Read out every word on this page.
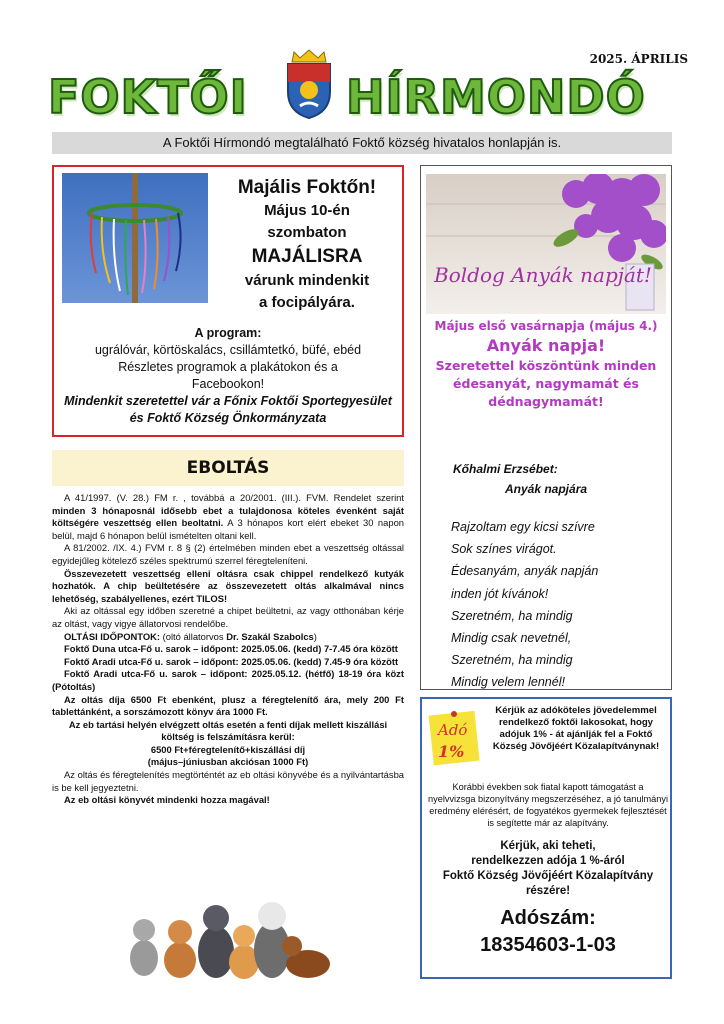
2025. ÁPRILIS
FOKTŐI HÍRMONDÓ
A Foktői Hírmondó megtalálható Foktő község hivatalos honlapján is.
Majális Foktőn!
Május 10-én
szombaton
MAJÁLISRA
várunk mindenkit
a focipályára.
A program:
ugrálóvár, körtöskalács, csillámtetkó, büfé, ebéd
Részletes programok a plakátokon és a
Facebookon!
Mindenkit szeretettel vár a Főnix Foktői Sportegyesület
és Foktő Község Önkormányzata
Boldog Anyák napját!
Május első vasárnapja (május 4.)
Anyák napja!
Szeretettel köszöntünk minden
édesanyát, nagymamát és
dédnagymamát!
Kőhalmi Erzsébet:
Anyák napjára
Rajzoltam egy kicsi szívre
Sok színes virágot.
Édesanyám, anyák napján
inden jót kívánok!
Szeretném, ha mindig
Mindig csak nevetnél,
Szeretném, ha mindig
Mindig velem lennél!
EBOLTÁS

A 41/1997. (V. 28.) FM r. , továbbá a 20/2001. (III.). FVM. Rendelet szerint minden 3 hónaposnál idősebb ebet a tulajdonosa köteles évenként saját költségére veszettség ellen beoltatni. A 3 hónapos kort elért ebeket 30 napon belül, majd 6 hónapon belül ismételten oltani kell.

A 81/2002. /IX. 4.) FVM r. 8 § (2) értelmében minden ebet a veszettség oltással egyidejűleg kötelező széles spektrumú szerrel féregteleníteni.

Összevezetett veszettség elleni oltásra csak chippel rendelkező kutyák hozhatók. A chip beültetésére az összevezetett oltás alkalmával nincs lehetőség, szabályellenes, ezért TILOS!

Aki az oltással egy időben szeretné a chipet beültetni, az vagy otthonában kérje az oltást, vagy vigye állatorvosi rendelőbe.

OLTÁSI IDŐPONTOK: (oltó állatorvos Dr. Szakál Szabolcs)

Foktő Duna utca-Fő u. sarok – időpont: 2025.05.06. (kedd) 7-7.45 óra között

Foktő Aradi utca-Fő u. sarok – időpont: 2025.05.06. (kedd) 7.45-9 óra között

Foktő Aradi utca-Fő u. sarok – időpont: 2025.05.12. (hétfő) 18-19 óra közt (Pótoltás)

Az oltás díja 6500 Ft ebenként, plusz a féregtelenítő ára, mely 200 Ft tablettánként, a sorszámozott könyv ára 1000 Ft.

Az eb tartási helyén elvégzett oltás esetén a fenti díjak mellett kiszállási költség is felszámításra kerül:

6500 Ft+féregtelenítő+kiszállási díj

(május–júniusban akciósan 1000 Ft)

Az oltás és féregtelenítés megtörténtét az eb oltási könyvébe és a nyilvántartásba is be kell jegyeztetni.

Az eb oltási könyvét mindenki hozza magával!

Adó
1%
Kérjük az adóköteles jövedelemmel rendelkező foktői lakosokat, hogy adójuk 1% - át ajánlják fel a Foktő Község Jövőjéért Közalapítványnak!
Korábbi években sok fiatal kapott támogatást a nyelvvizsga bizonyítvány megszerzéséhez, a jó tanulmányi eredmény elérésért, de fogyatékos gyermekek fejlesztését is segítette már az alapítvány.
Kérjük, aki teheti,
rendelkezzen adója 1 %-áról
Foktő Község Jövőjéért Közalapítvány
részére!
Adószám:
18354603-1-03
